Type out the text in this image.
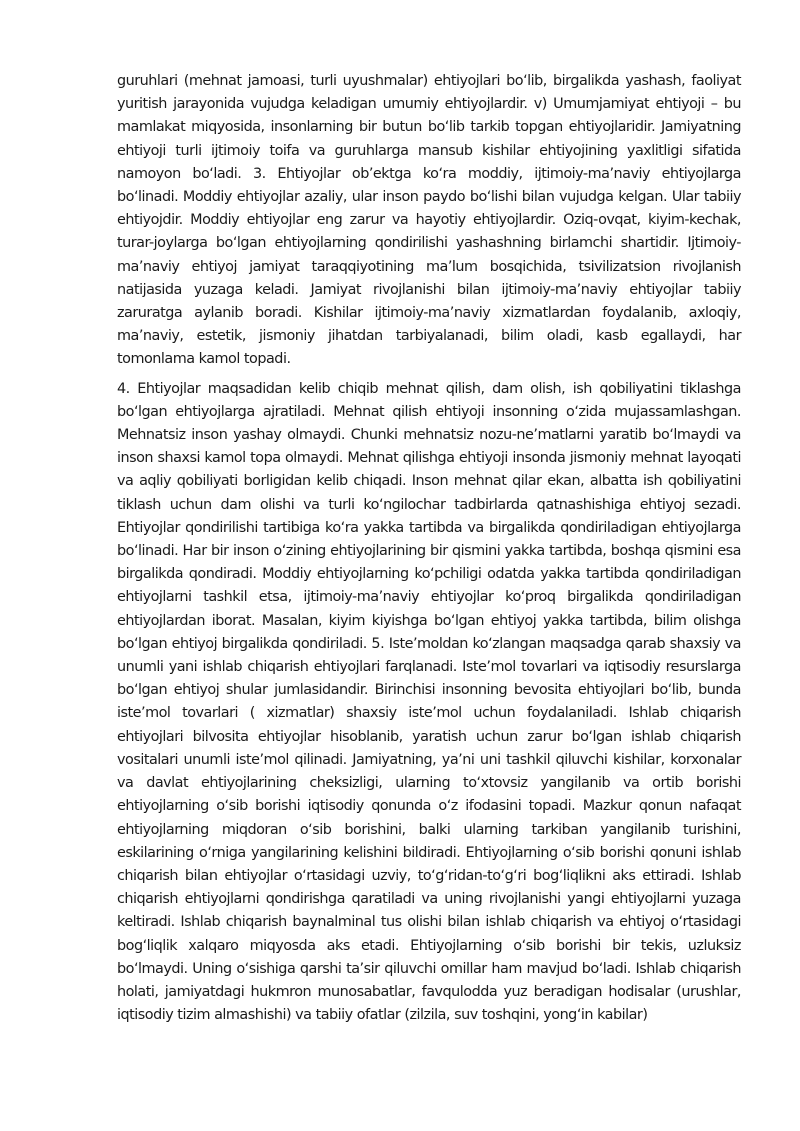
guruhlari (mehnat jamoasi, turli uyushmalar) ehtiyojlari bo‘lib, birgalikda yashash, faoliyat yuritish jarayonida vujudga keladigan umumiy ehtiyojlardir. v) Umumjamiyat ehtiyoji – bu mamlakat miqyosida, insonlarning bir butun bo‘lib tarkib topgan ehtiyojlaridir. Jamiyatning ehtiyoji turli ijtimoiy toifa va guruhlarga mansub kishilar ehtiyojining yaxlitligi sifatida namoyon bo‘ladi. 3. Ehtiyojlar ob’ektga ko‘ra moddiy, ijtimoiy-ma’naviy ehtiyojlarga bo‘linadi. Moddiy ehtiyojlar azaliy, ular inson paydo bo‘lishi bilan vujudga kelgan. Ular tabiiy ehtiyojdir. Moddiy ehtiyojlar eng zarur va hayotiy ehtiyojlardir. Oziq-ovqat, kiyim-kechak, turar-joylarga bo‘lgan ehtiyojlarning qondirilishi yashashning birlamchi shartidir. Ijtimoiy-ma’naviy ehtiyoj jamiyat taraqqiyotining ma’lum bosqichida, tsivilizatsion rivojlanish natijasida yuzaga keladi. Jamiyat rivojlanishi bilan ijtimoiy-ma’naviy ehtiyojlar tabiiy zaruratga aylanib boradi. Kishilar ijtimoiy-ma’naviy xizmatlardan foydalanib, axloqiy, ma’naviy, estetik, jismoniy jihatdan tarbiyalanadi, bilim oladi, kasb egallaydi, har tomonlama kamol topadi.

4. Ehtiyojlar maqsadidan kelib chiqib mehnat qilish, dam olish, ish qobiliyatini tiklashga bo‘lgan ehtiyojlarga ajratiladi. Mehnat qilish ehtiyoji insonning o‘zida mujassamlashgan. Mehnatsiz inson yashay olmaydi. Chunki mehnatsiz nozu-ne’matlarni yaratib bo‘lmaydi va inson shaxsi kamol topa olmaydi. Mehnat qilishga ehtiyoji insonda jismoniy mehnat layoqati va aqliy qobiliyati borligidan kelib chiqadi. Inson mehnat qilar ekan, albatta ish qobiliyatini tiklash uchun dam olishi va turli ko‘ngilochar tadbirlarda qatnashishiga ehtiyoj sezadi. Ehtiyojlar qondirilishi tartibiga ko‘ra yakka tartibda va birgalikda qondiriladigan ehtiyojlarga bo‘linadi. Har bir inson o‘zining ehtiyojlarining bir qismini yakka tartibda, boshqa qismini esa birgalikda qondiradi. Moddiy ehtiyojlarning ko‘pchiligi odatda yakka tartibda qondiriladigan ehtiyojlarni tashkil etsa, ijtimoiy-ma’naviy ehtiyojlar ko‘proq birgalikda qondiriladigan ehtiyojlardan iborat. Masalan, kiyim kiyishga bo‘lgan ehtiyoj yakka tartibda, bilim olishga bo‘lgan ehtiyoj birgalikda qondiriladi. 5. Iste’moldan ko‘zlangan maqsadga qarab shaxsiy va unumli yani ishlab chiqarish ehtiyojlari farqlanadi. Iste’mol tovarlari va iqtisodiy resurslarga bo‘lgan ehtiyoj shular jumlasidandir. Birinchisi insonning bevosita ehtiyojlari bo‘lib, bunda iste’mol tovarlari ( xizmatlar) shaxsiy iste’mol uchun foydalaniladi. Ishlab chiqarish ehtiyojlari bilvosita ehtiyojlar hisoblanib, yaratish uchun zarur bo‘lgan ishlab chiqarish vositalari unumli iste’mol qilinadi. Jamiyatning, ya’ni uni tashkil qiluvchi kishilar, korxonalar va davlat ehtiyojlarining cheksizligi, ularning to‘xtovsiz yangilanib va ortib borishi ehtiyojlarning o‘sib borishi iqtisodiy qonunda o‘z ifodasini topadi. Mazkur qonun nafaqat ehtiyojlarning miqdoran o‘sib borishini, balki ularning tarkiban yangilanib turishini, eskilarining o‘rniga yangilarining kelishini bildiradi. Ehtiyojlarning o‘sib borishi qonuni ishlab chiqarish bilan ehtiyojlar o‘rtasidagi uzviy, to‘g‘ridan-to‘g‘ri bog‘liqlikni aks ettiradi. Ishlab chiqarish ehtiyojlarni qondirishga qaratiladi va uning rivojlanishi yangi ehtiyojlarni yuzaga keltiradi. Ishlab chiqarish baynalminal tus olishi bilan ishlab chiqarish va ehtiyoj o‘rtasidagi bog‘liqlik xalqaro miqyosda aks etadi. Ehtiyojlarning o‘sib borishi bir tekis, uzluksiz bo‘lmaydi. Uning o‘sishiga qarshi ta’sir qiluvchi omillar ham mavjud bo‘ladi. Ishlab chiqarish holati, jamiyatdagi hukmron munosabatlar, favqulodda yuz beradigan hodisalar (urushlar, iqtisodiy tizim almashishi) va tabiiy ofatlar (zilzila, suv toshqini, yong‘in kabilar)
